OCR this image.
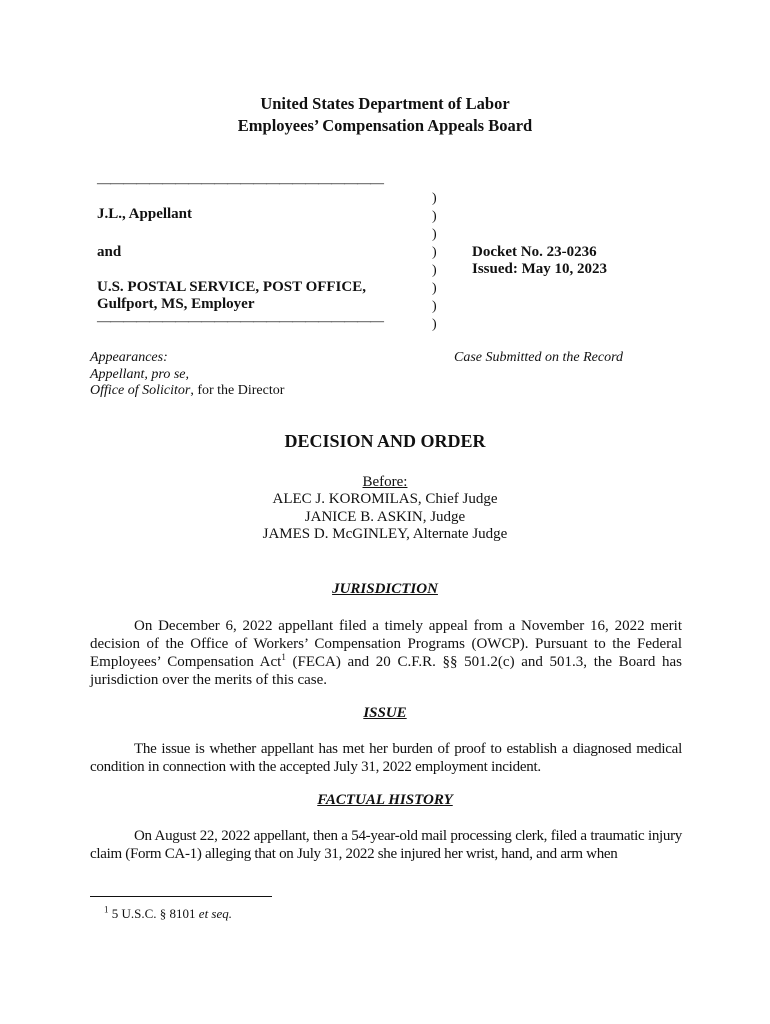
United States Department of Labor
Employees’ Compensation Appeals Board
——————————————————————
J.L., Appellant
and
U.S. POSTAL SERVICE, POST OFFICE,
Gulfport, MS, Employer
——————————————————————
)
)
)
)
)
)
)
)
Docket No. 23-0236
Issued: May 10, 2023
Appearances:
Appellant, pro se,
Office of Solicitor, for the Director
Case Submitted on the Record
DECISION AND ORDER
Before:
ALEC J. KOROMILAS, Chief Judge
JANICE B. ASKIN, Judge
JAMES D. McGINLEY, Alternate Judge
JURISDICTION
On December 6, 2022 appellant filed a timely appeal from a November 16, 2022 merit decision of the Office of Workers’ Compensation Programs (OWCP). Pursuant to the Federal Employees’ Compensation Act$^1$ (FECA) and 20 C.F.R. §§ 501.2(c) and 501.3, the Board has jurisdiction over the merits of this case.
ISSUE
The issue is whether appellant has met her burden of proof to establish a diagnosed medical condition in connection with the accepted July 31, 2022 employment incident.
FACTUAL HISTORY
On August 22, 2022 appellant, then a 54-year-old mail processing clerk, filed a traumatic injury claim (Form CA-1) alleging that on July 31, 2022 she injured her wrist, hand, and arm when
$^1$ 5 U.S.C. § 8101 et seq.
